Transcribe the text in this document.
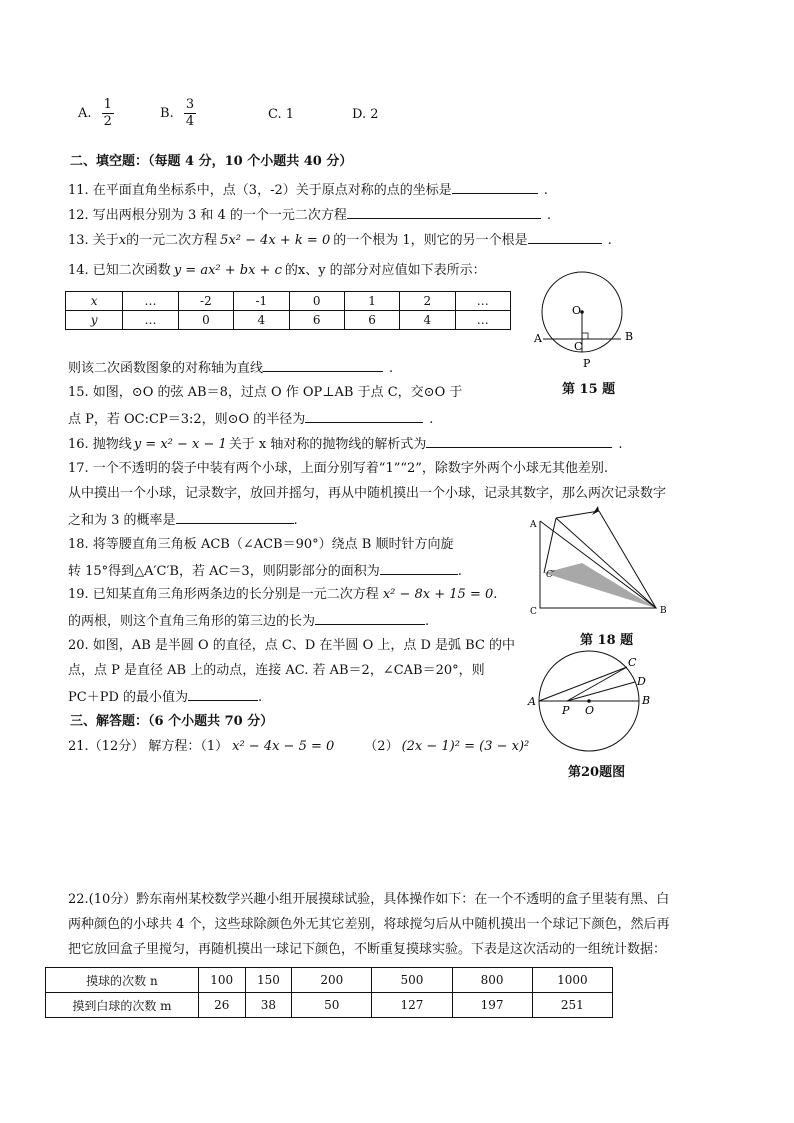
A. $\frac{1}{2}$	B. $\frac{3}{4}$	C. 1	D. 2
二、填空题：（每题 4 分，10 个小题共 40 分）
11. 在平面直角坐标系中，点（3，-2）关于原点对称的点的坐标是	.
12. 写出两根分别为 3 和 4 的一个一元二次方程	.
13. 关于x的一元二次方程 5x² − 4x + k = 0 的一个根为 1，则它的另一个根是	.
14. 已知二次函数 y = ax² + bx + c 的x、y 的部分对应值如下表所示：
x	…	-2	-1	0	1	2	…
y	…	0	4	6	6	4	…
则该二次函数图象的对称轴为直线	.
15. 如图，⊙O 的弦 AB＝8，过点 O 作 OP⊥AB 于点 C，交⊙O 于
点 P，若 OC:CP＝3:2，则⊙O 的半径为	.
16. 抛物线 y = x² − x − 1 关于 x 轴对称的抛物线的解析式为	.
17. 一个不透明的袋子中装有两个小球，上面分别写着“1”“2”，除数字外两个小球无其他差别.
从中摸出一个小球，记录数字，放回并摇匀，再从中随机摸出一个小球，记录其数字，那么两次记录数字
之和为 3 的概率是	.
18. 将等腰直角三角板 ACB（∠ACB＝90°）绕点 B 顺时针方向旋
转 15°得到△A′C′B，若 AC＝3，则阴影部分的面积为	.
19. 已知某直角三角形两条边的长分别是一元二次方程 x² − 8x + 15 = 0.
的两根，则这个直角三角形的第三边的长为	.
20. 如图，AB 是半圆 O 的直径，点 C、D 在半圆 O 上，点 D 是弧 BC 的中
点，点 P 是直径 AB 上的动点，连接 AC. 若 AB＝2，∠CAB＝20°，则
PC＋PD 的最小值为	.
三、解答题：（6 个小题共 70 分）
21.（12分） 解方程：（1） x² − 4x − 5 = 0 （2） (2x − 1)² = (3 − x)²
22.(10分）黔东南州某校数学兴趣小组开展摸球试验，具体操作如下：在一个不透明的盒子里装有黑、白
两种颜色的小球共 4 个，这些球除颜色外无其它差别，将球搅匀后从中随机摸出一个球记下颜色，然后再
把它放回盒子里搅匀，再随机摸出一球记下颜色，不断重复摸球实验。下表是这次活动的一组统计数据：
摸球的次数 n	100	150	200	500	800	1000
摸到白球的次数 m	26	38	50	127	197	251
O
A	B
C
P
第 15 题
A
C′
C	B
第 18 题
A	B
C
D
O
P
第20题图
